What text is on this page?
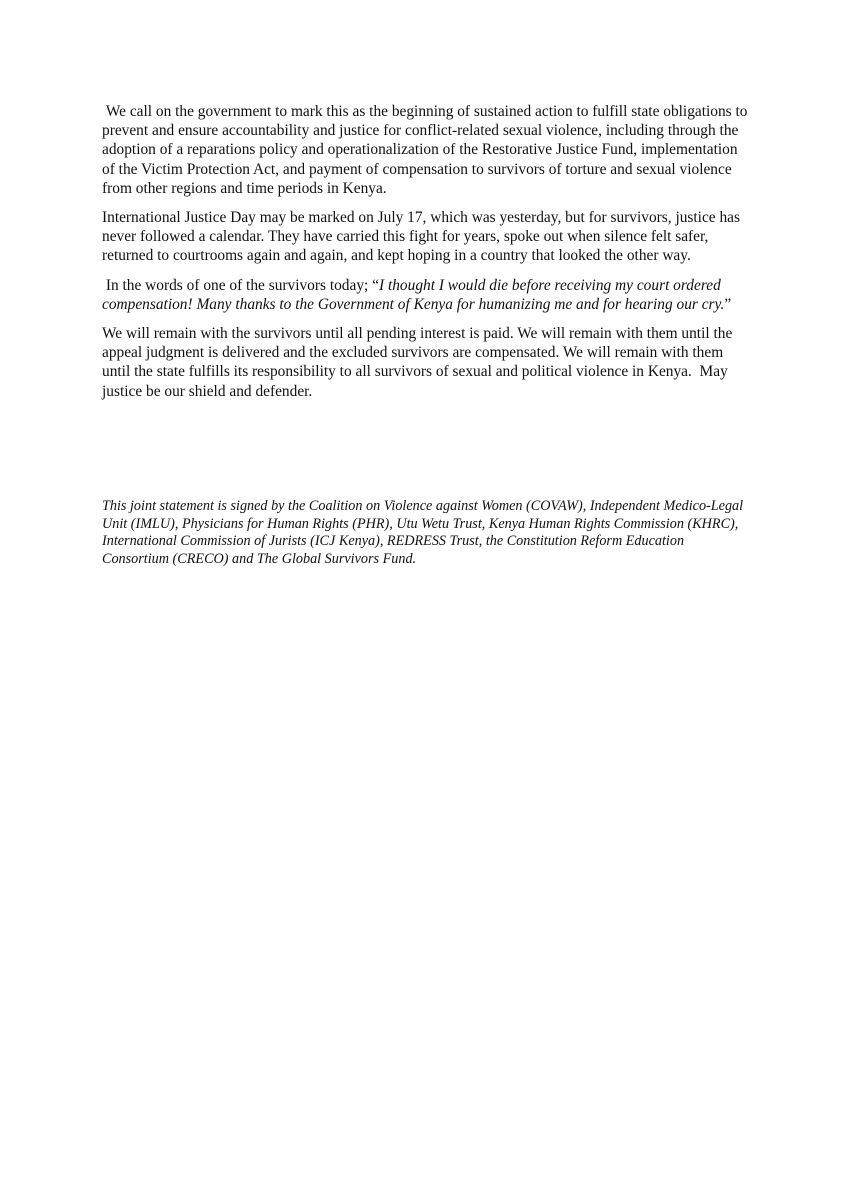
We call on the government to mark this as the beginning of sustained action to fulfill state obligations to prevent and ensure accountability and justice for conflict-related sexual violence, including through the adoption of a reparations policy and operationalization of the Restorative Justice Fund, implementation of the Victim Protection Act, and payment of compensation to survivors of torture and sexual violence from other regions and time periods in Kenya.

International Justice Day may be marked on July 17, which was yesterday, but for survivors, justice has never followed a calendar. They have carried this fight for years, spoke out when silence felt safer, returned to courtrooms again and again, and kept hoping in a country that looked the other way.

In the words of one of the survivors today; “I thought I would die before receiving my court ordered compensation! Many thanks to the Government of Kenya for humanizing me and for hearing our cry.”

We will remain with the survivors until all pending interest is paid. We will remain with them until the appeal judgment is delivered and the excluded survivors are compensated. We will remain with them until the state fulfills its responsibility to all survivors of sexual and political violence in Kenya.  May justice be our shield and defender.

This joint statement is signed by the Coalition on Violence against Women (COVAW), Independent Medico-Legal Unit (IMLU), Physicians for Human Rights (PHR), Utu Wetu Trust, Kenya Human Rights Commission (KHRC), International Commission of Jurists (ICJ Kenya), REDRESS Trust, the Constitution Reform Education Consortium (CRECO) and The Global Survivors Fund.
